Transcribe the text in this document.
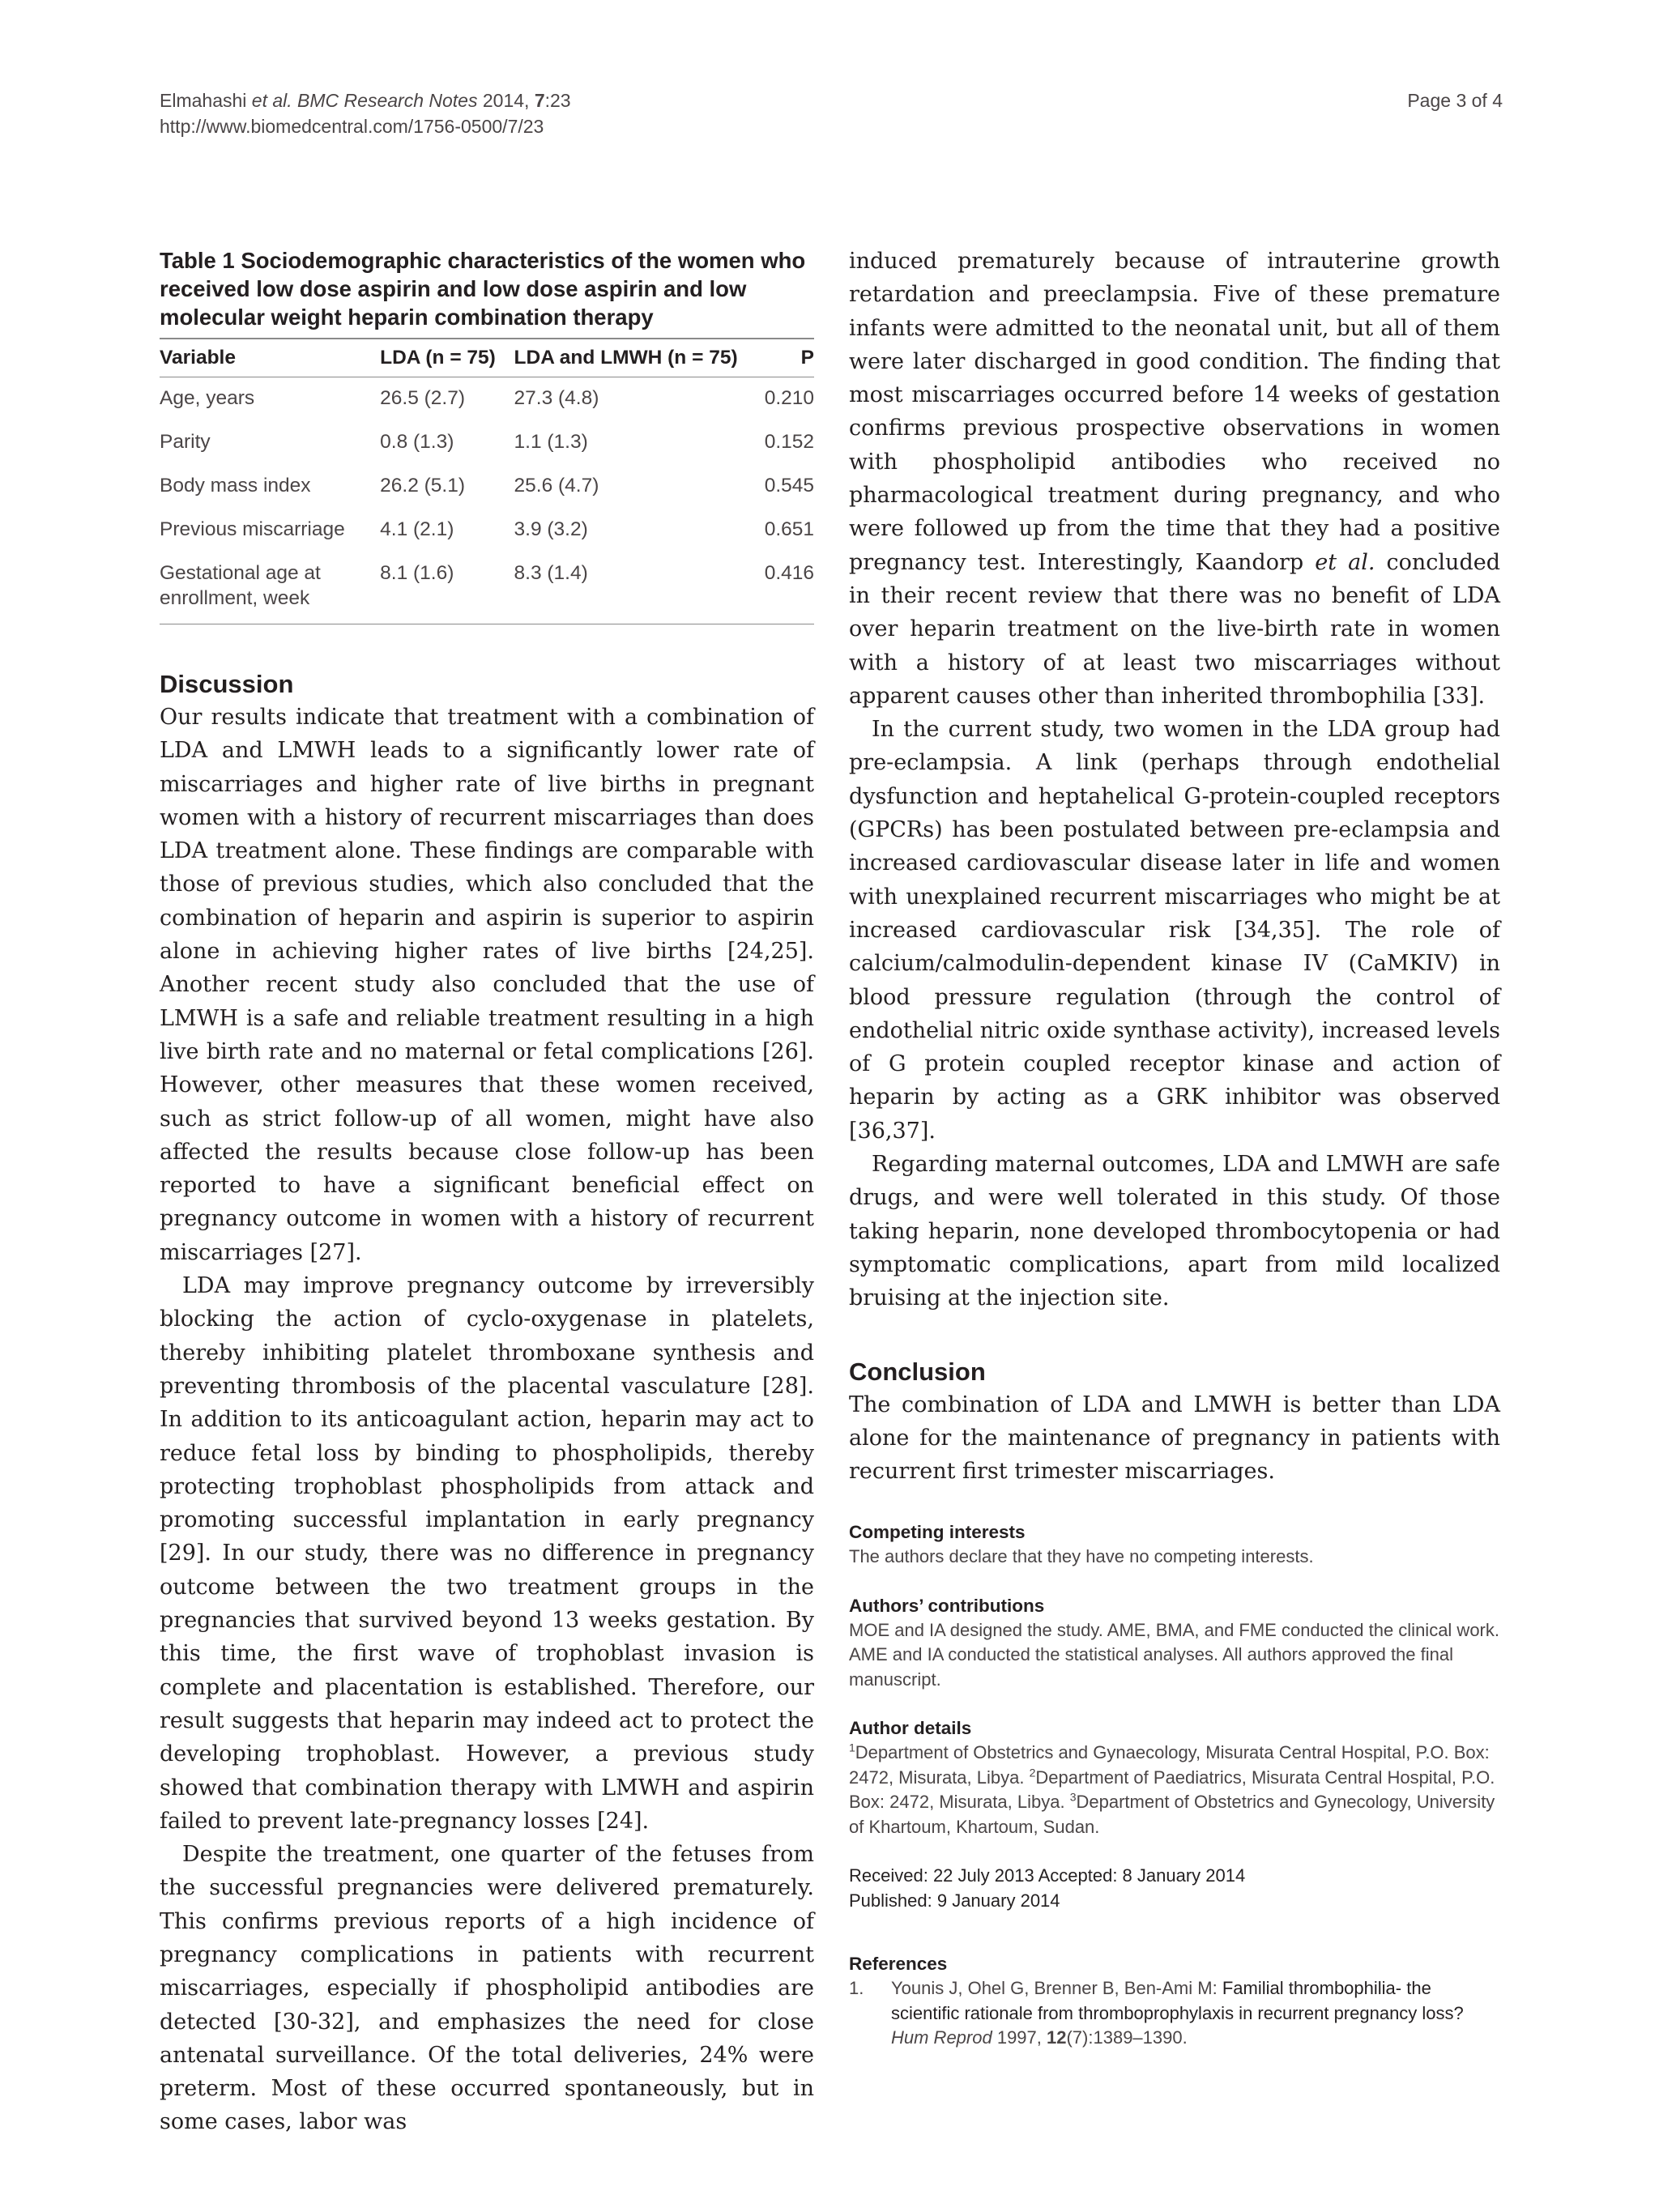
Elmahashi et al. BMC Research Notes 2014, 7:23
http://www.biomedcentral.com/1756-0500/7/23
Page 3 of 4

Table 1 Sociodemographic characteristics of the women who received low dose aspirin and low dose aspirin and low molecular weight heparin combination therapy

Variable	LDA (n = 75)	LDA and LMWH (n = 75)	P
Age, years	26.5 (2.7)	27.3 (4.8)	0.210
Parity	0.8 (1.3)	1.1 (1.3)	0.152
Body mass index	26.2 (5.1)	25.6 (4.7)	0.545
Previous miscarriage	4.1 (2.1)	3.9 (3.2)	0.651
Gestational age at enrollment, week	8.1 (1.6)	8.3 (1.4)	0.416
Discussion

Our results indicate that treatment with a combination of LDA and LMWH leads to a significantly lower rate of miscarriages and higher rate of live births in pregnant women with a history of recurrent miscarriages than does LDA treatment alone. These findings are comparable with those of previous studies, which also concluded that the combination of heparin and aspirin is superior to aspirin alone in achieving higher rates of live births [24,25]. Another recent study also concluded that the use of LMWH is a safe and reliable treatment resulting in a high live birth rate and no maternal or fetal complications [26]. However, other measures that these women received, such as strict follow-up of all women, might have also affected the results because close follow-up has been reported to have a significant beneficial effect on pregnancy outcome in women with a history of recurrent miscarriages [27].

LDA may improve pregnancy outcome by irreversibly blocking the action of cyclo-oxygenase in platelets, thereby inhibiting platelet thromboxane synthesis and preventing thrombosis of the placental vasculature [28]. In addition to its anticoagulant action, heparin may act to reduce fetal loss by binding to phospholipids, thereby protecting trophoblast phospholipids from attack and promoting successful implantation in early pregnancy [29]. In our study, there was no difference in pregnancy outcome between the two treatment groups in the pregnancies that survived beyond 13 weeks gestation. By this time, the first wave of trophoblast invasion is complete and placentation is established. Therefore, our result suggests that heparin may indeed act to protect the developing trophoblast. However, a previous study showed that combination therapy with LMWH and aspirin failed to prevent late-pregnancy losses [24].

Despite the treatment, one quarter of the fetuses from the successful pregnancies were delivered prematurely. This confirms previous reports of a high incidence of pregnancy complications in patients with recurrent miscarriages, especially if phospholipid antibodies are detected [30-32], and emphasizes the need for close antenatal surveillance. Of the total deliveries, 24% were preterm. Most of these occurred spontaneously, but in some cases, labor was

induced prematurely because of intrauterine growth retardation and preeclampsia. Five of these premature infants were admitted to the neonatal unit, but all of them were later discharged in good condition. The finding that most miscarriages occurred before 14 weeks of gestation confirms previous prospective observations in women with phospholipid antibodies who received no pharmacological treatment during pregnancy, and who were followed up from the time that they had a positive pregnancy test. Interestingly, Kaandorp et al. concluded in their recent review that there was no benefit of LDA over heparin treatment on the live-birth rate in women with a history of at least two miscarriages without apparent causes other than inherited thrombophilia [33].

In the current study, two women in the LDA group had pre-eclampsia. A link (perhaps through endothelial dysfunction and heptahelical G-protein-coupled receptors (GPCRs) has been postulated between pre-eclampsia and increased cardiovascular disease later in life and women with unexplained recurrent miscarriages who might be at increased cardiovascular risk [34,35]. The role of calcium/calmodulin-dependent kinase IV (CaMKIV) in blood pressure regulation (through the control of endothelial nitric oxide synthase activity), increased levels of G protein coupled receptor kinase and action of heparin by acting as a GRK inhibitor was observed [36,37].

Regarding maternal outcomes, LDA and LMWH are safe drugs, and were well tolerated in this study. Of those taking heparin, none developed thrombocytopenia or had symptomatic complications, apart from mild localized bruising at the injection site.

Conclusion

The combination of LDA and LMWH is better than LDA alone for the maintenance of pregnancy in patients with recurrent first trimester miscarriages.

Competing interests

The authors declare that they have no competing interests.

Authors’ contributions

MOE and IA designed the study. AME, BMA, and FME conducted the clinical work. AME and IA conducted the statistical analyses. All authors approved the final manuscript.

Author details

$^1$Department of Obstetrics and Gynaecology, Misurata Central Hospital, P.O. Box: 2472, Misurata, Libya. $^2$Department of Paediatrics, Misurata Central Hospital, P.O. Box: 2472, Misurata, Libya. $^3$Department of Obstetrics and Gynecology, University of Khartoum, Khartoum, Sudan.

Received: 22 July 2013 Accepted: 8 January 2014

Published: 9 January 2014

References

1. Younis J, Ohel G, Brenner B, Ben-Ami M: Familial thrombophilia- the scientific rationale from thromboprophylaxis in recurrent pregnancy loss? Hum Reprod 1997, 12(7):1389–1390.
